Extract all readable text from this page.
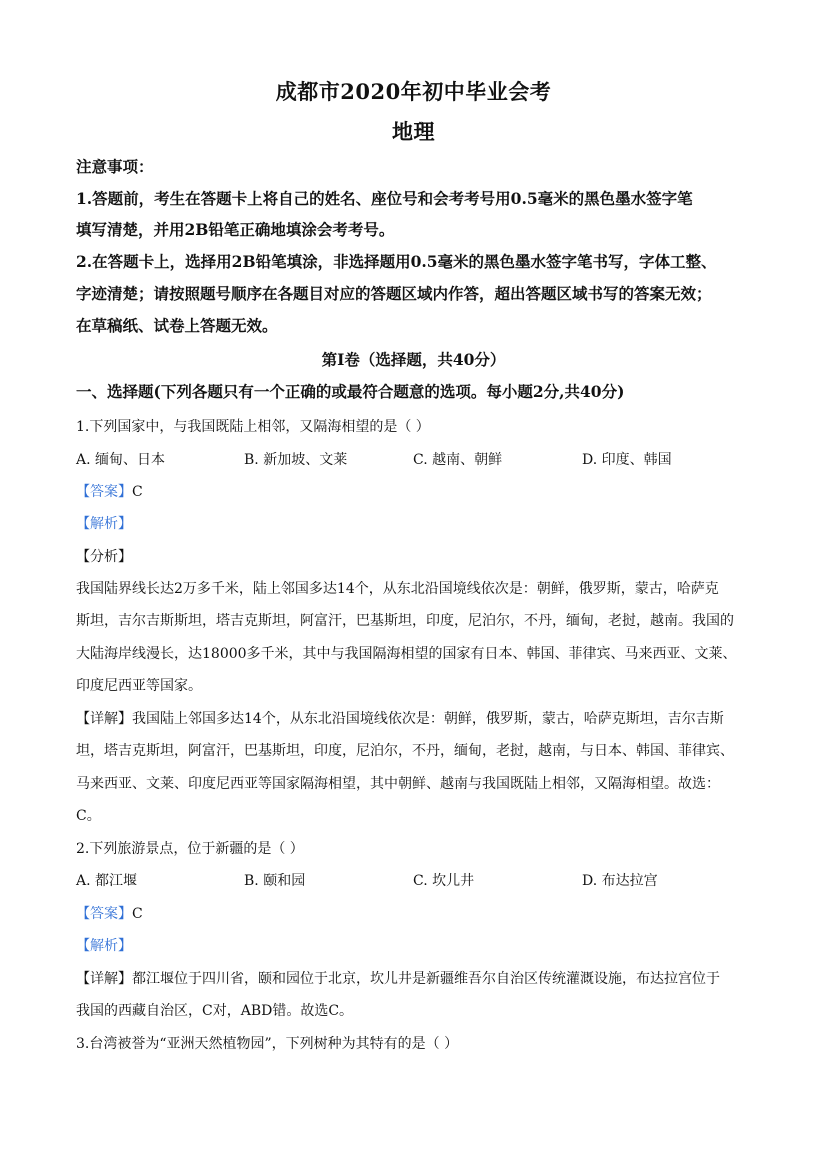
成都市2020年初中毕业会考
地理
注意事项：
1.答题前，考生在答题卡上将自己的姓名、座位号和会考考号用0.5毫米的黑色墨水签字笔
填写清楚，并用2B铅笔正确地填涂会考考号。
2.在答题卡上，选择用2B铅笔填涂，非选择题用0.5毫米的黑色墨水签字笔书写，字体工整、
字迹清楚；请按照题号顺序在各题目对应的答题区域内作答，超出答题区域书写的答案无效；
在草稿纸、试卷上答题无效。
第Ⅰ卷（选择题，共40分）
一、选择题(下列各题只有一个正确的或最符合题意的选项。每小题2分,共40分)
1.下列国家中，与我国既陆上相邻，又隔海相望的是（ ）
A. 缅甸、日本	B. 新加坡、文莱	C. 越南、朝鲜	D. 印度、韩国
【答案】C
【解析】
【分析】
我国陆界线长达2万多千米，陆上邻国多达14个，从东北沿国境线依次是：朝鲜，俄罗斯，蒙古，哈萨克
斯坦，吉尔吉斯斯坦，塔吉克斯坦，阿富汗，巴基斯坦，印度，尼泊尔，不丹，缅甸，老挝，越南。我国的
大陆海岸线漫长，达18000多千米，其中与我国隔海相望的国家有日本、韩国、菲律宾、马来西亚、文莱、
印度尼西亚等国家。
【详解】我国陆上邻国多达14个，从东北沿国境线依次是：朝鲜，俄罗斯，蒙古，哈萨克斯坦，吉尔吉斯
坦，塔吉克斯坦，阿富汗，巴基斯坦，印度，尼泊尔，不丹，缅甸，老挝，越南，与日本、韩国、菲律宾、
马来西亚、文莱、印度尼西亚等国家隔海相望，其中朝鲜、越南与我国既陆上相邻，又隔海相望。故选：
C。
2.下列旅游景点，位于新疆的是（ ）
A. 都江堰	B. 颐和园	C. 坎儿井	D. 布达拉宫
【答案】C
【解析】
【详解】都江堰位于四川省，颐和园位于北京，坎儿井是新疆维吾尔自治区传统灌溉设施，布达拉宫位于
我国的西藏自治区，C对，ABD错。故选C。
3.台湾被誉为“亚洲天然植物园”，下列树种为其特有的是（ ）
